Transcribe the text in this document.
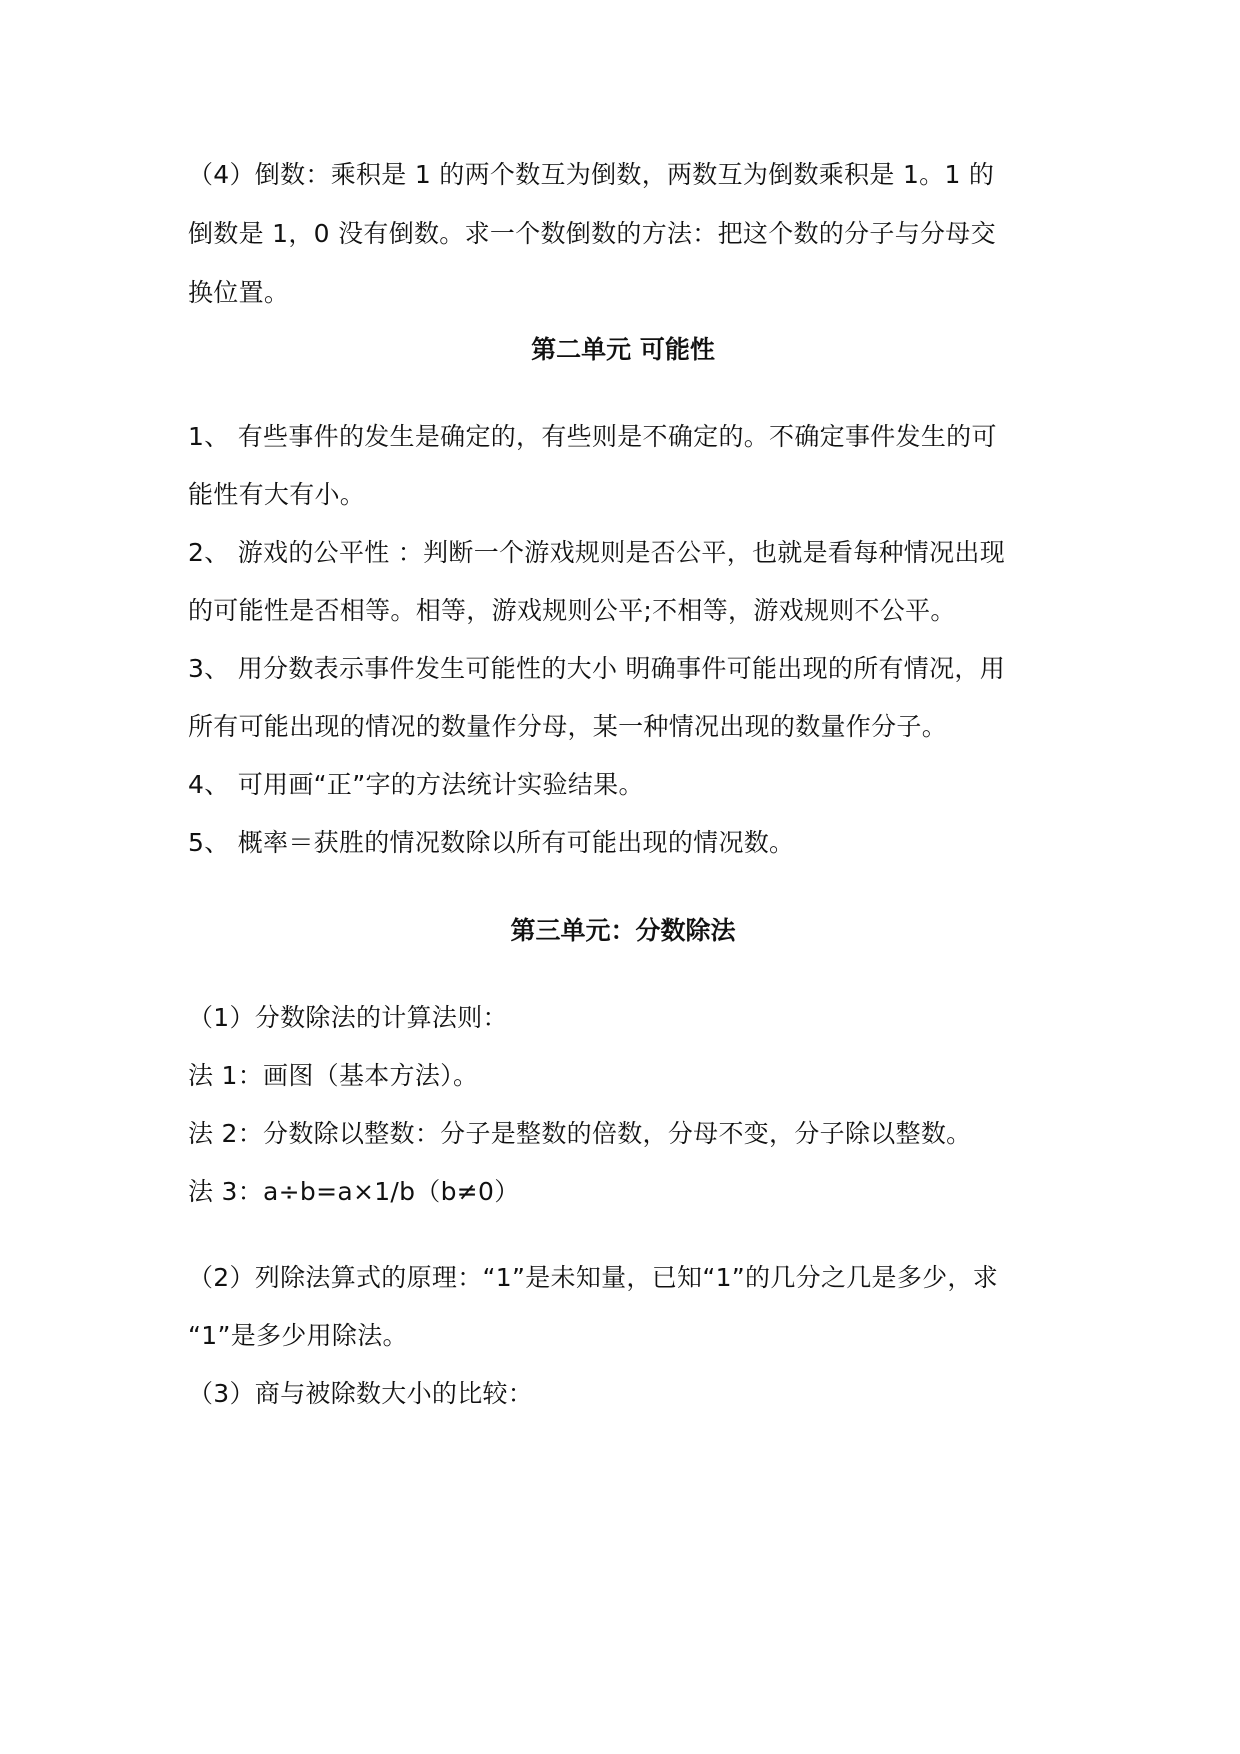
（4）倒数：乘积是 1 的两个数互为倒数，两数互为倒数乘积是 1。1 的
倒数是 1，0 没有倒数。求一个数倒数的方法：把这个数的分子与分母交
换位置。
第二单元 可能性
1、 有些事件的发生是确定的，有些则是不确定的。不确定事件发生的可
能性有大有小。
2、 游戏的公平性 ：判断一个游戏规则是否公平，也就是看每种情况出现
的可能性是否相等。相等，游戏规则公平;不相等，游戏规则不公平。
3、 用分数表示事件发生可能性的大小 明确事件可能出现的所有情况，用
所有可能出现的情况的数量作分母，某一种情况出现的数量作分子。
4、 可用画“正”字的方法统计实验结果。
5、 概率＝获胜的情况数除以所有可能出现的情况数。
第三单元：分数除法
（1）分数除法的计算法则：
法 1：画图（基本方法）。
法 2：分数除以整数：分子是整数的倍数，分母不变，分子除以整数。
法 3：a÷b=a×1/b（b≠0）
（2）列除法算式的原理：“1”是未知量，已知“1”的几分之几是多少，求
“1”是多少用除法。
（3）商与被除数大小的比较：
